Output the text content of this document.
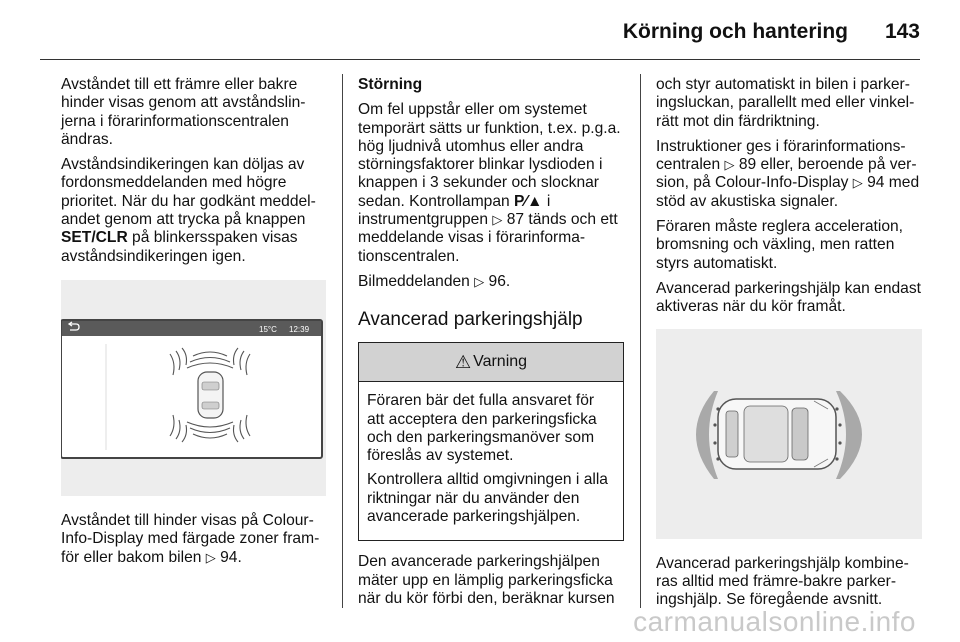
Körning och hantering 143

Avståndet till ett främre eller bakre hinder visas genom att avståndslinjerna i förarinformationscentralen ändras.

Avståndsindikeringen kan döljas av fordonsmeddelanden med högre prioritet. När du har godkänt meddelandet genom att trycka på knappen SET/CLR på blinkersspaken visas avståndsindikeringen igen.

15°C 12:39

Avståndet till hinder visas på Colour-Info-Display med färgade zoner framför eller bakom bilen ▷ 94.

Störning

Om fel uppstår eller om systemet temporärt sätts ur funktion, t.ex. p.g.a. hög ljudnivå utomhus eller andra störningsfaktorer blinkar lysdioden i knappen i 3 sekunder och slocknar sedan. Kontrollampan P⁄▲ i instrumentgruppen ▷ 87 tänds och ett meddelande visas i förarinformationscentralen.

Bilmeddelanden ▷ 96.

Avancerad parkeringshjälp
⚠ Varning

Föraren bär det fulla ansvaret för att acceptera den parkeringsficka och den parkeringsmanöver som föreslås av systemet.

Kontrollera alltid omgivningen i alla riktningar när du använder den avancerade parkeringshjälpen.

Den avancerade parkeringshjälpen mäter upp en lämplig parkeringsficka när du kör förbi den, beräknar kursen

och styr automatiskt in bilen i parkeringsluckan, parallellt med eller vinkelrätt mot din färdriktning.

Instruktioner ges i förarinformationscentralen ▷ 89 eller, beroende på version, på Colour-Info-Display ▷ 94 med stöd av akustiska signaler.

Föraren måste reglera acceleration, bromsning och växling, men ratten styrs automatiskt.

Avancerad parkeringshjälp kan endast aktiveras när du kör framåt.

Avancerad parkeringshjälp kombineras alltid med främre-bakre parkeringshjälp. Se föregående avsnitt.

carmanualsonline.info
